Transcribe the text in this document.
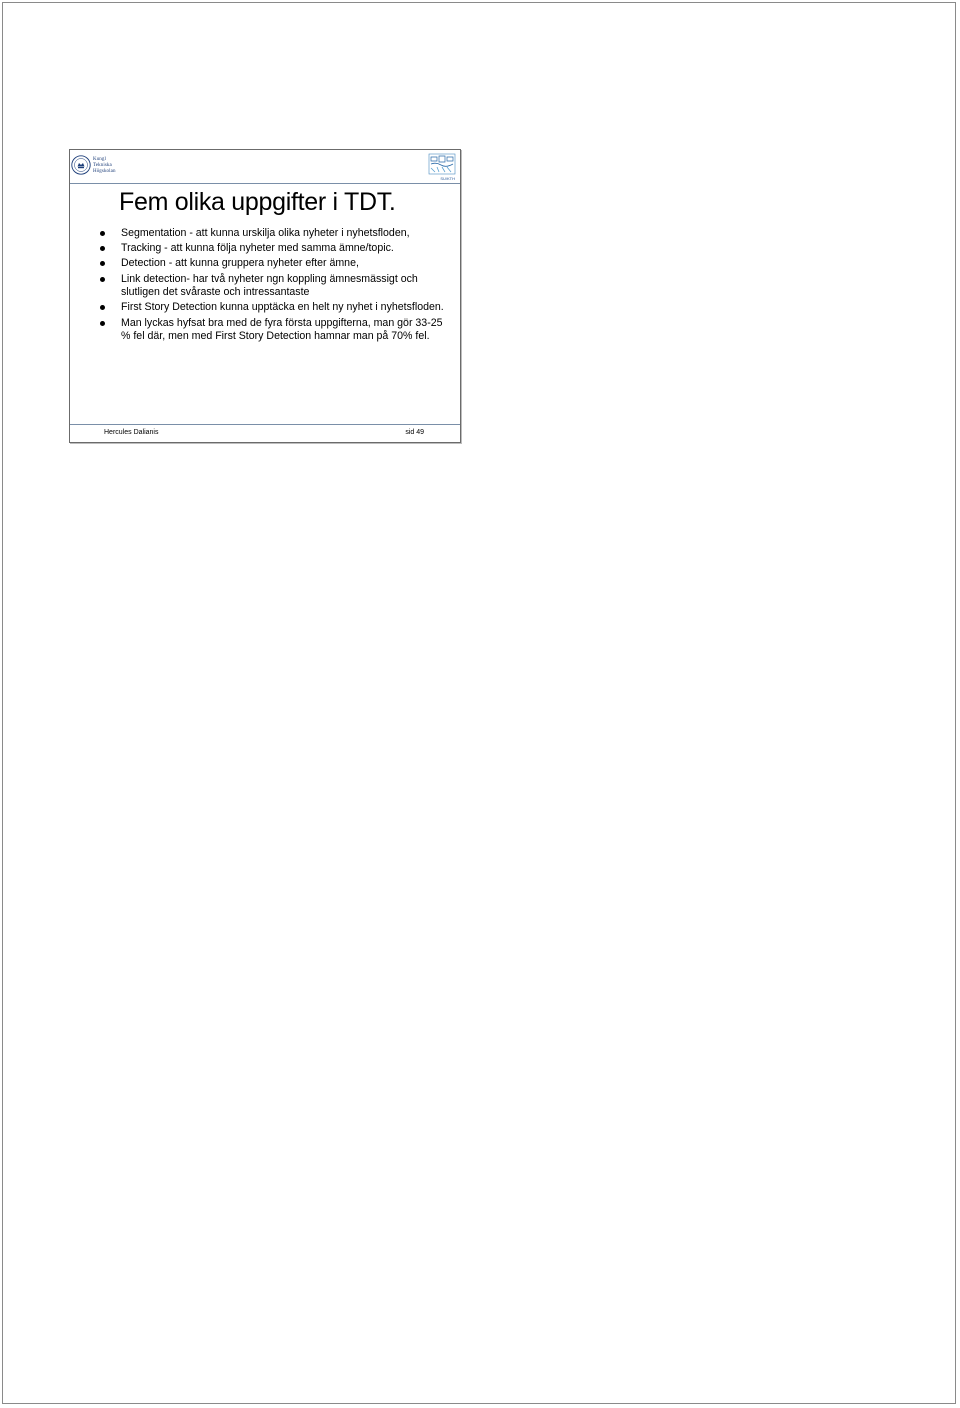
Kungl
Tekniska
Högskolan
SU/KTH
Fem olika uppgifter i TDT.
Segmentation - att kunna urskilja olika nyheter i nyhetsfloden,
Tracking - att kunna följa nyheter med samma ämne/topic.
Detection - att kunna gruppera nyheter efter ämne,
Link detection- har två nyheter ngn koppling ämnesmässigt och slutligen det svåraste och intressantaste
First Story Detection kunna upptäcka en helt ny nyhet i nyhetsfloden.
Man lyckas hyfsat bra med de fyra första uppgifterna, man gör 33-25 % fel där, men med First Story Detection hamnar man på 70% fel.
Hercules Dalianis	sid 49
